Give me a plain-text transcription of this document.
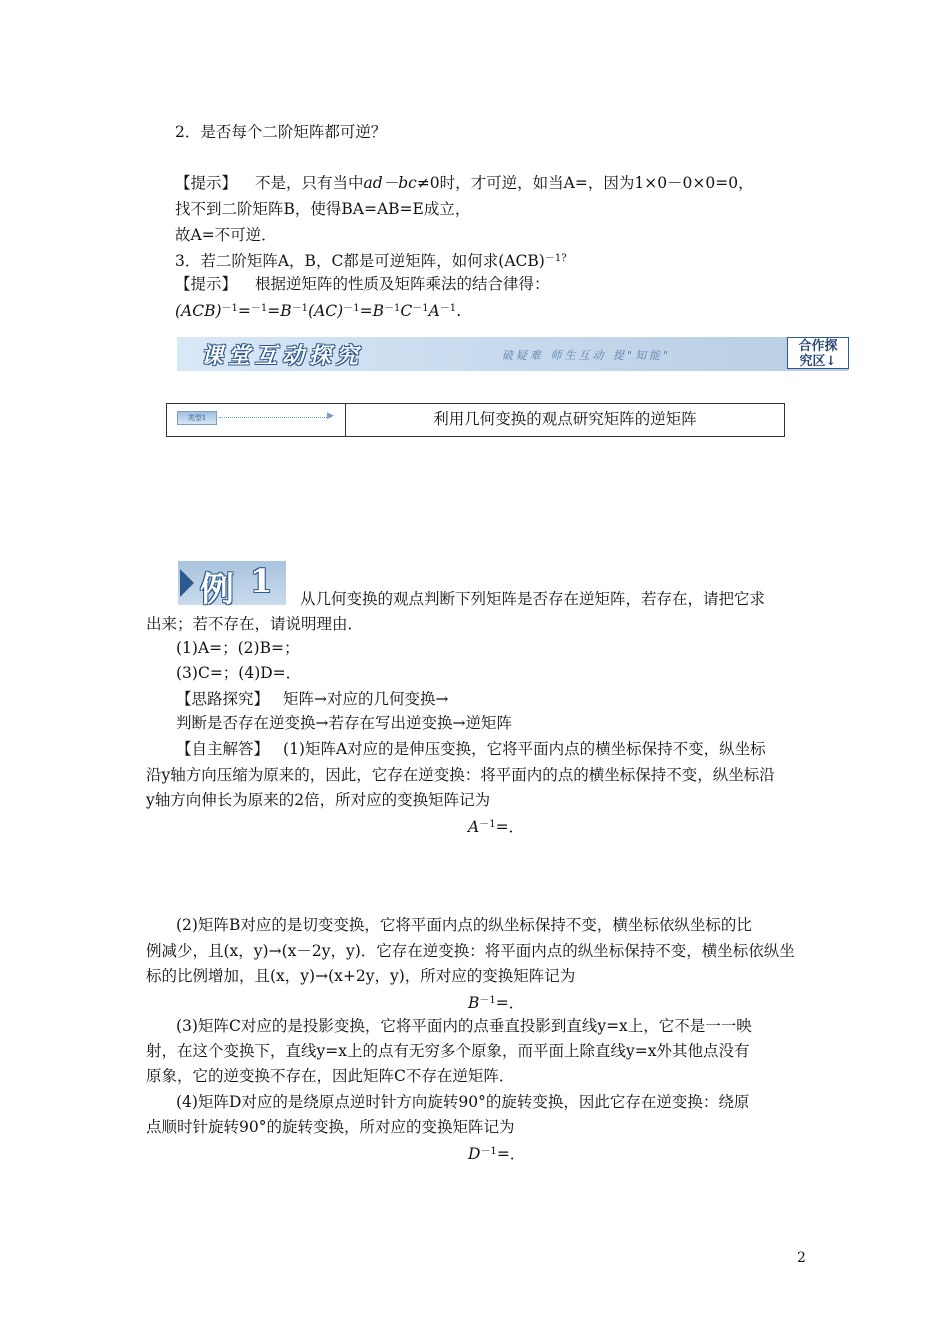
2．是否每个二阶矩阵都可逆？
【提示】 不是，只有当中ad－bc≠0时，才可逆，如当A=，因为1×0－0×0=0，
找不到二阶矩阵B，使得BA=AB=E成立，
故A=不可逆．
3．若二阶矩阵A，B，C都是可逆矩阵，如何求(ACB)$^{-1?}$
【提示】 根据逆矩阵的性质及矩阵乘法的结合律得：
$(ACB)^{-1}=^{-1}=B^{-1}(AC)^{-1}=B^{-1}C^{-1}A^{-1}$.
课堂互动探究	破疑难 师生互动 提"知能"
合作探
究区↓
类型1	▶	利用几何变换的观点研究矩阵的逆矩阵
例 1 从几何变换的观点判断下列矩阵是否存在逆矩阵，若存在，请把它求
出来；若不存在，请说明理由．
(1)A=；(2)B=；
(3)C=；(4)D=．
【思路探究】 矩阵→对应的几何变换→
判断是否存在逆变换→若存在写出逆变换→逆矩阵
【自主解答】 (1)矩阵A对应的是伸压变换，它将平面内点的横坐标保持不变，纵坐标
沿y轴方向压缩为原来的，因此，它存在逆变换：将平面内的点的横坐标保持不变，纵坐标沿
y轴方向伸长为原来的2倍，所对应的变换矩阵记为
$A^{-1}=$．
(2)矩阵B对应的是切变变换，它将平面内点的纵坐标保持不变，横坐标依纵坐标的比
例减少，且(x，y)→(x－2y，y)．它存在逆变换：将平面内点的纵坐标保持不变，横坐标依纵坐
标的比例增加，且(x，y)→(x+2y，y)，所对应的变换矩阵记为
$B^{-1}=$．
(3)矩阵C对应的是投影变换，它将平面内的点垂直投影到直线y=x上，它不是一一映
射，在这个变换下，直线y=x上的点有无穷多个原象，而平面上除直线y=x外其他点没有
原象，它的逆变换不存在，因此矩阵C不存在逆矩阵．
(4)矩阵D对应的是绕原点逆时针方向旋转90°的旋转变换，因此它存在逆变换：绕原
点顺时针旋转90°的旋转变换，所对应的变换矩阵记为
$D^{-1}=$．
2
